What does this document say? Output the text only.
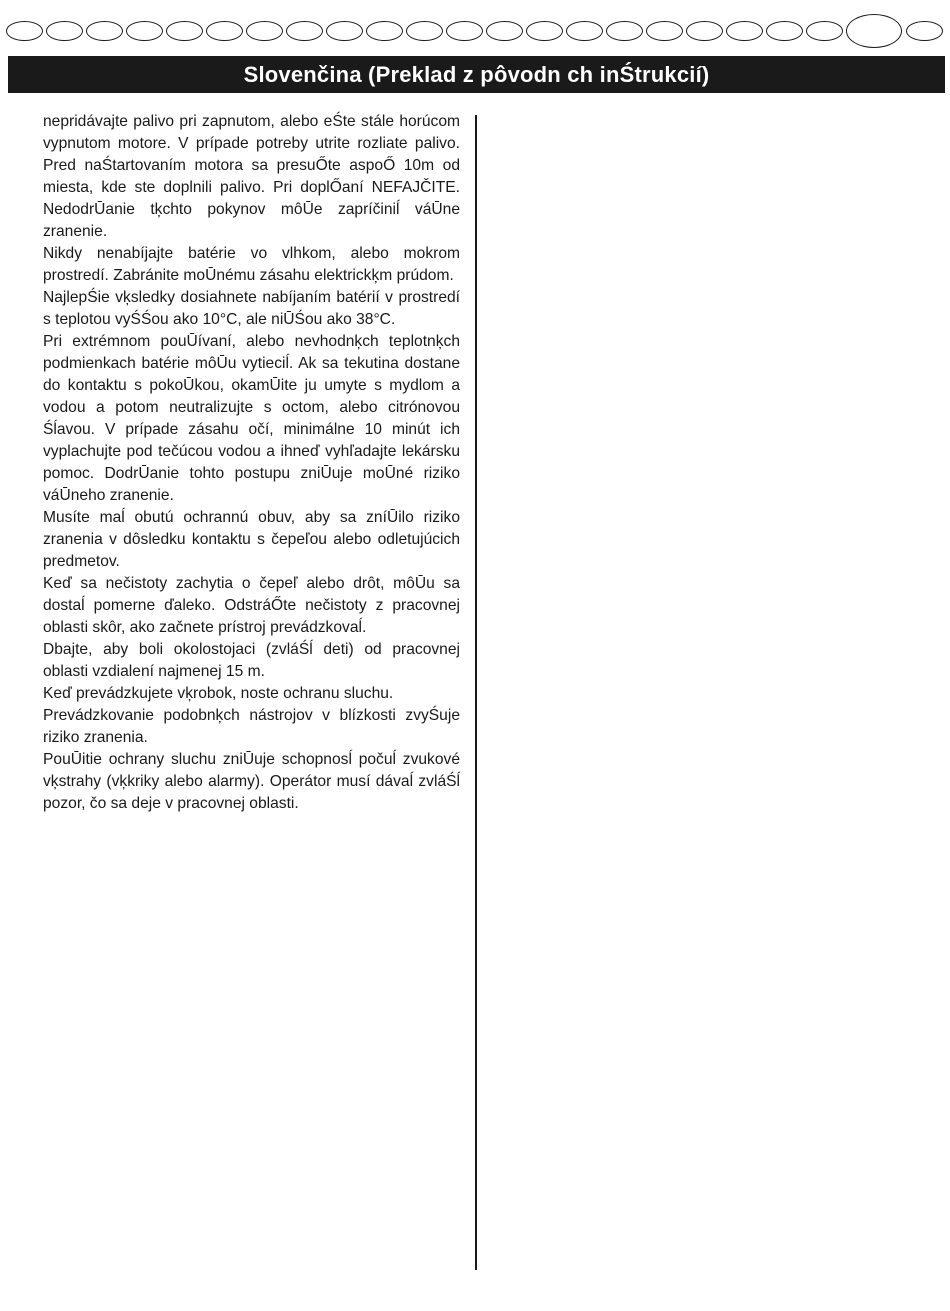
Slovenčina (Preklad z pôvodn ch inŚtrukcií)

nepridávajte palivo pri zapnutom, alebo eŚte stále horúcom vypnutom motore. V prípade potreby utrite rozliate palivo. Pred naŚtartovaním motora sa presuŐte aspoŐ 10m od miesta, kde ste doplnili palivo. Pri doplŐaní NEFAJČITE. NedodrŪanie tķchto pokynov môŪe zapríčiniĺ váŪne zranenie.

Nikdy nenabíjajte batérie vo vlhkom, alebo mokrom prostredí. Zabránite moŪnému zásahu elektrickķm prúdom.

NajlepŚie vķsledky dosiahnete nabíjaním batérií v prostredí s teplotou vyŚŚou ako 10°C, ale niŪŚou ako 38°C.

Pri extrémnom pouŪívaní, alebo nevhodnķch teplotnķch podmienkach batérie môŪu vytieciĺ. Ak sa tekutina dostane do kontaktu s pokoŪkou, okamŪite ju umyte s mydlom a vodou a potom neutralizujte s octom, alebo citrónovou Śĺavou. V prípade zásahu očí, minimálne 10 minút ich vyplachujte pod tečúcou vodou a ihneď vyhľadajte lekársku pomoc. DodrŪanie tohto postupu zniŪuje moŪné riziko váŪneho zranenie.

Musíte maĺ obutú ochrannú obuv, aby sa zníŪilo riziko zranenia v dôsledku kontaktu s čepeľou alebo odletujúcich predmetov.

Keď sa nečistoty zachytia o čepeľ alebo drôt, môŪu sa dostaĺ pomerne ďaleko. OdstráŐte nečistoty z pracovnej oblasti skôr, ako začnete prístroj prevádzkovaĺ.

Dbajte, aby boli okolostojaci (zvláŚĺ deti) od pracovnej oblasti vzdialení najmenej 15 m.

Keď prevádzkujete vķrobok, noste ochranu sluchu.

Prevádzkovanie podobnķch nástrojov v blízkosti zvyŚuje riziko zranenia.

PouŪitie ochrany sluchu zniŪuje schopnosĺ počuĺ zvukové vķstrahy (vķkriky alebo alarmy). Operátor musí dávaĺ zvláŚĺ pozor, čo sa deje v pracovnej oblasti.
